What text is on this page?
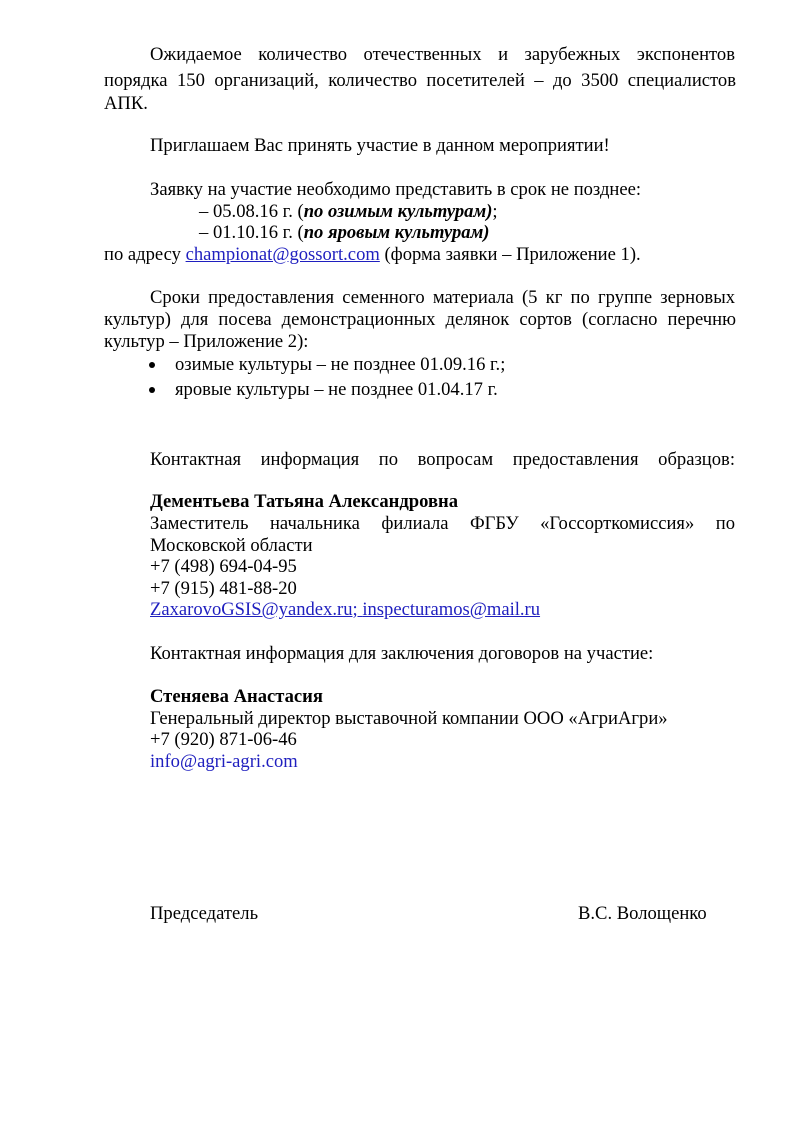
Ожидаемое количество отечественных и зарубежных экспонентов
порядка 150 организаций, количество посетителей – до 3500 специалистов
АПК.
Приглашаем Вас принять участие в данном мероприятии!
Заявку на участие необходимо представить в срок не позднее:
– 05.08.16 г. (по озимым культурам);
– 01.10.16 г. (по яровым культурам)
по адресу championat@gossort.com (форма заявки – Приложение 1).
Сроки предоставления семенного материала (5 кг по группе зерновых
культур) для посева демонстрационных делянок сортов (согласно перечню
культур – Приложение 2):
озимые культуры – не позднее 01.09.16 г.;
яровые культуры – не позднее 01.04.17 г.
Контактная информация по вопросам предоставления образцов:
Дементьева Татьяна Александровна
Заместитель начальника филиала ФГБУ «Госсорткомиссия» по
Московской области
+7 (498) 694-04-95
+7 (915) 481-88-20
ZaxarovoGSIS@yandex.ru; inspecturamos@mail.ru
Контактная информация для заключения договоров на участие:
Стеняева Анастасия
Генеральный директор выставочной компании ООО «АгриАгри»
+7 (920) 871-06-46
info@agri-agri.com
Председатель	В.С. Волощенко
